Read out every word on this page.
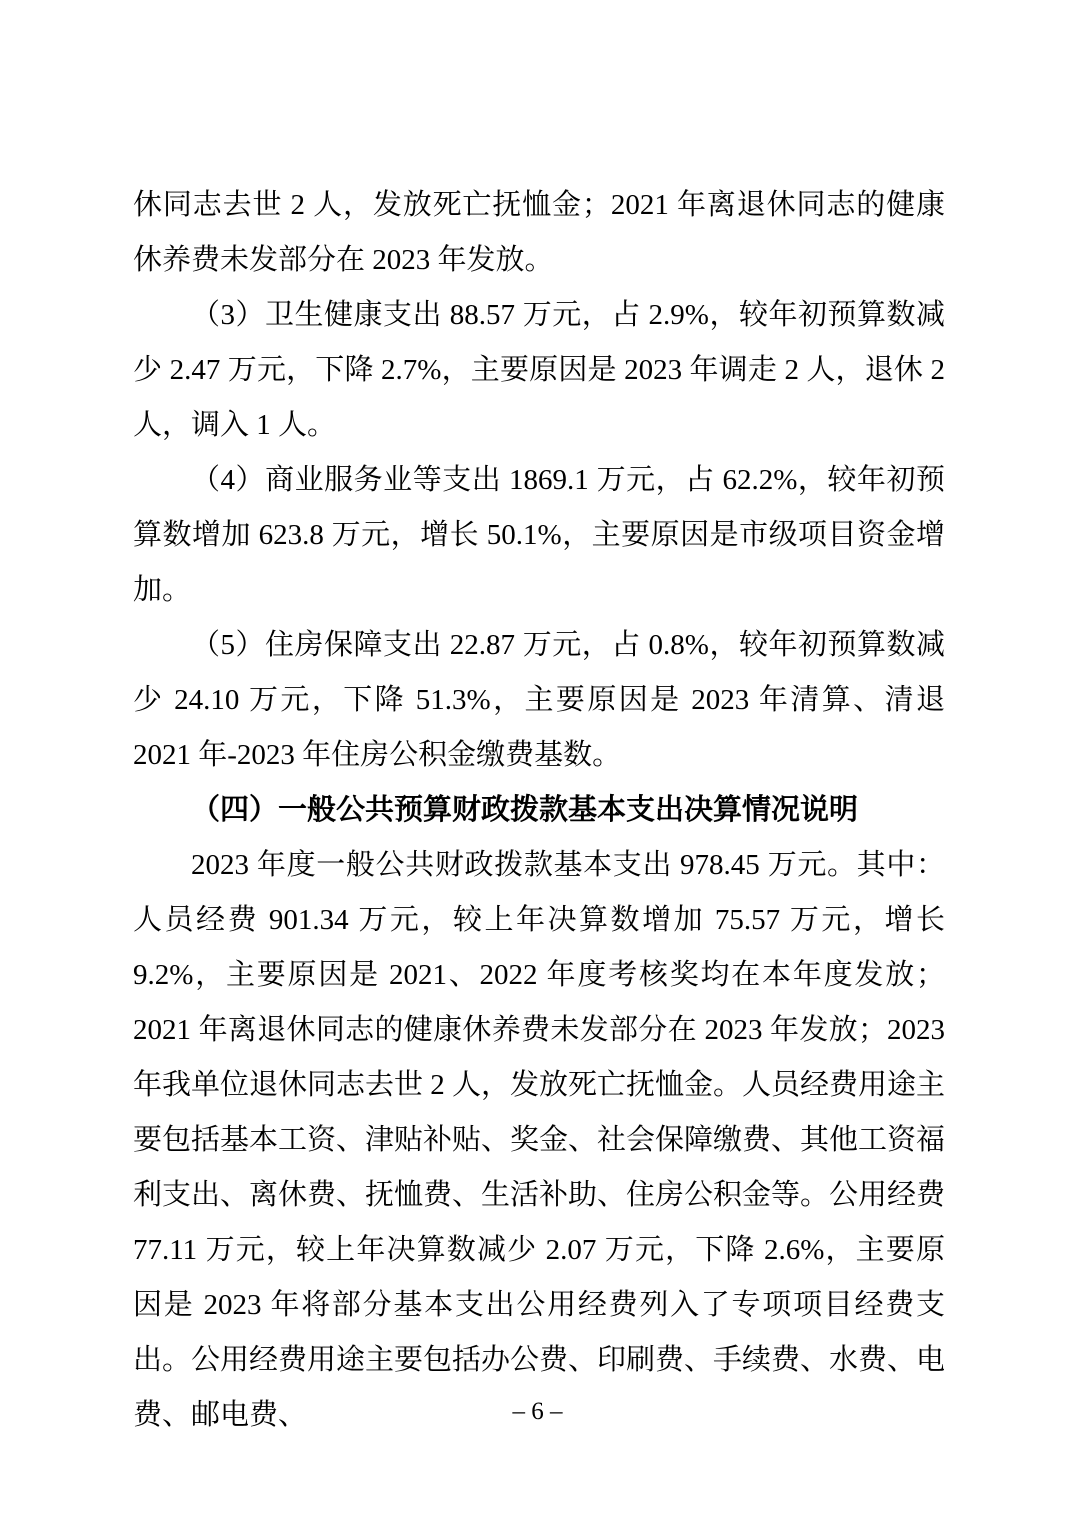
休同志去世 2 人，发放死亡抚恤金；2021 年离退休同志的健康休养费未发部分在 2023 年发放。

（3）卫生健康支出 88.57 万元，占 2.9%，较年初预算数减少 2.47 万元，下降 2.7%，主要原因是 2023 年调走 2 人，退休 2 人，调入 1 人。

（4）商业服务业等支出 1869.1 万元，占 62.2%，较年初预算数增加 623.8 万元，增长 50.1%，主要原因是市级项目资金增加。

（5）住房保障支出 22.87 万元，占 0.8%，较年初预算数减少 24.10 万元，下降 51.3%，主要原因是 2023 年清算、清退 2021 年-2023 年住房公积金缴费基数。

（四）一般公共预算财政拨款基本支出决算情况说明

2023 年度一般公共财政拨款基本支出 978.45 万元。其中：人员经费 901.34 万元，较上年决算数增加 75.57 万元，增长 9.2%，主要原因是 2021、2022 年度考核奖均在本年度发放；2021 年离退休同志的健康休养费未发部分在 2023 年发放；2023 年我单位退休同志去世 2 人，发放死亡抚恤金。人员经费用途主要包括基本工资、津贴补贴、奖金、社会保障缴费、其他工资福利支出、离休费、抚恤费、生活补助、住房公积金等。公用经费 77.11 万元，较上年决算数减少 2.07 万元，下降 2.6%，主要原因是 2023 年将部分基本支出公用经费列入了专项项目经费支出。公用经费用途主要包括办公费、印刷费、手续费、水费、电费、邮电费、	– 6 –
